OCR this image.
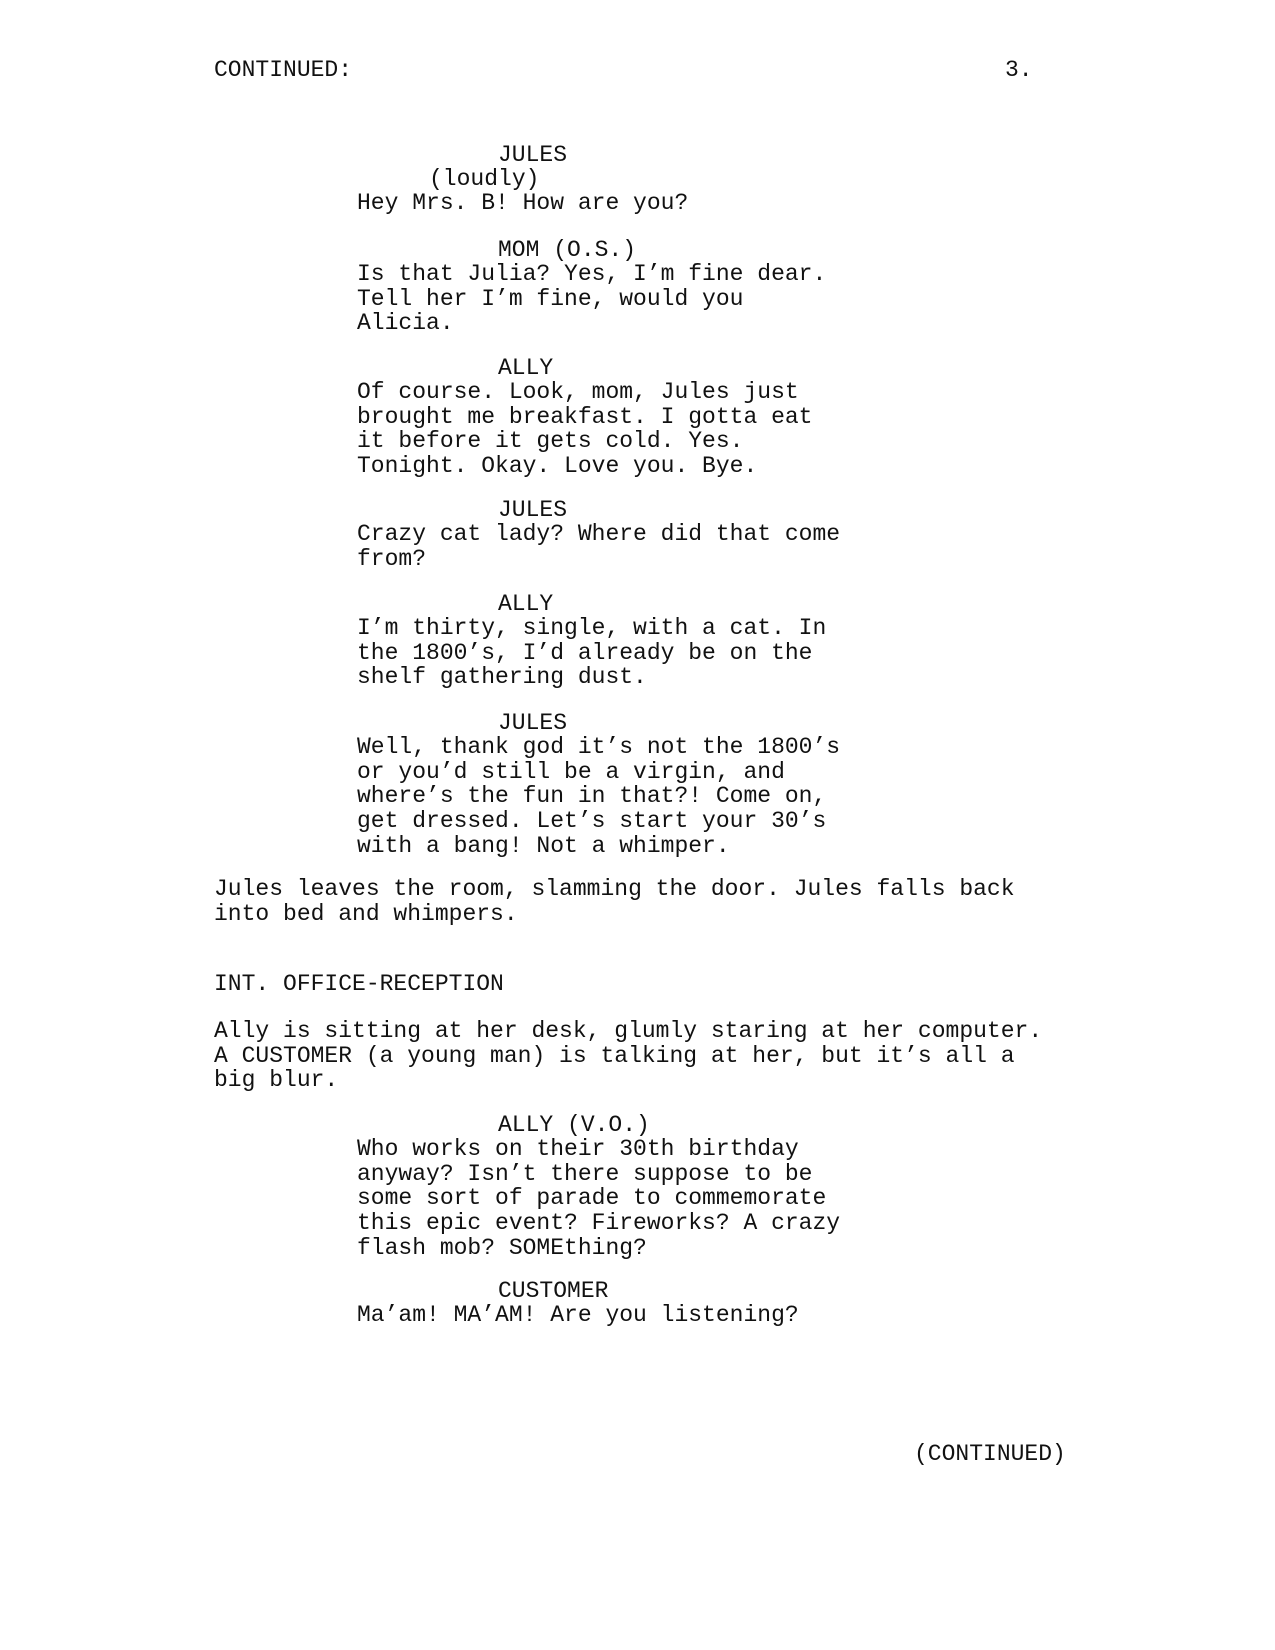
CONTINUED:	3.
JULES
(loudly)
Hey Mrs. B! How are you?
MOM (O.S.)
Is that Julia? Yes, I’m fine dear.
Tell her I’m fine, would you
Alicia.
ALLY
Of course. Look, mom, Jules just
brought me breakfast. I gotta eat
it before it gets cold. Yes.
Tonight. Okay. Love you. Bye.
JULES
Crazy cat lady? Where did that come
from?
ALLY
I’m thirty, single, with a cat. In
the 1800’s, I’d already be on the
shelf gathering dust.
JULES
Well, thank god it’s not the 1800’s
or you’d still be a virgin, and
where’s the fun in that?! Come on,
get dressed. Let’s start your 30’s
with a bang! Not a whimper.
Jules leaves the room, slamming the door. Jules falls back
into bed and whimpers.
INT. OFFICE-RECEPTION
Ally is sitting at her desk, glumly staring at her computer.
A CUSTOMER (a young man) is talking at her, but it’s all a
big blur.
ALLY (V.O.)
Who works on their 30th birthday
anyway? Isn’t there suppose to be
some sort of parade to commemorate
this epic event? Fireworks? A crazy
flash mob? SOMEthing?
CUSTOMER
Ma’am! MA’AM! Are you listening?
(CONTINUED)
